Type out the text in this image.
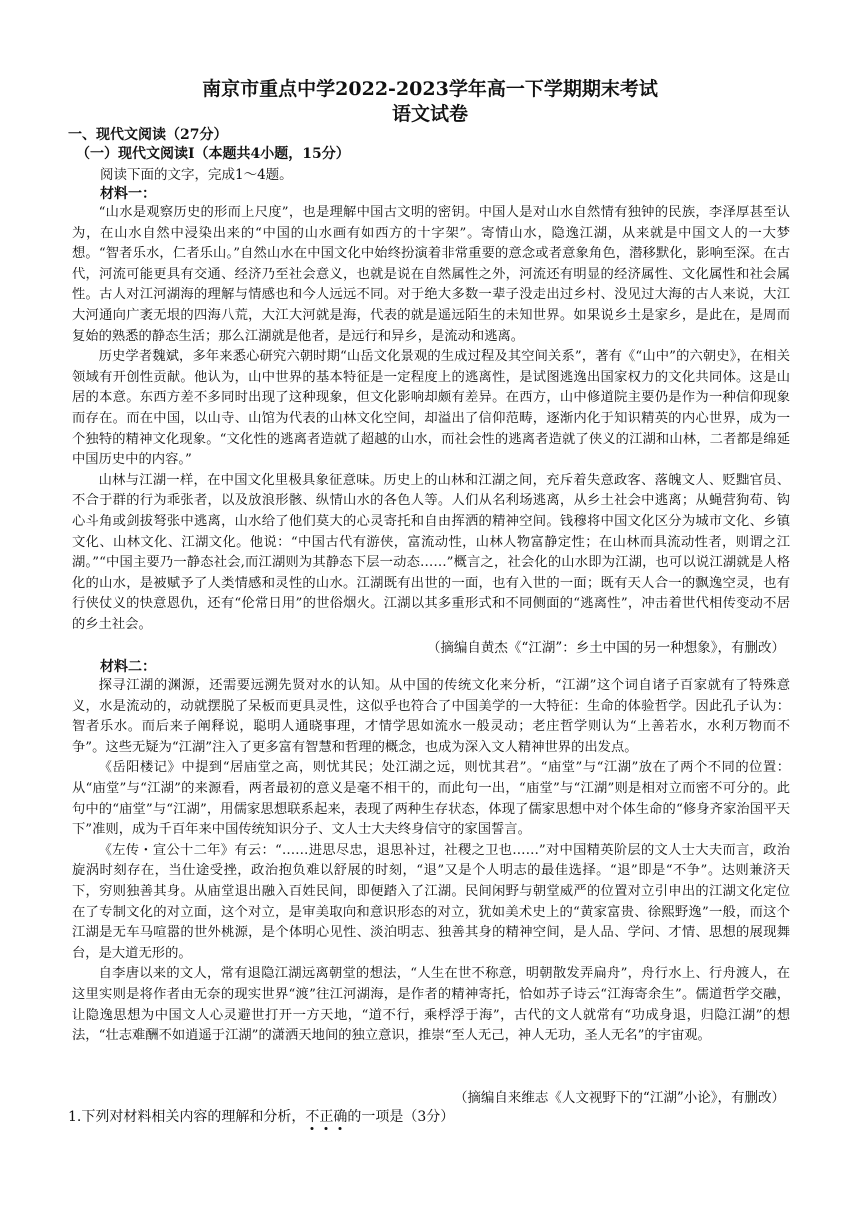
南京市重点中学2022-2023学年高一下学期期末考试
语文试卷
一、现代文阅读（27分）
（一）现代文阅读Ⅰ（本题共4小题，15分）
阅读下面的文字，完成1～4题。
材料一：

“山水是观察历史的形而上尺度”，也是理解中国古文明的密钥。中国人是对山水自然情有独钟的民族，李泽厚甚至认为，在山水自然中浸染出来的“中国的山水画有如西方的十字架”。寄情山水，隐逸江湖，从来就是中国文人的一大梦想。“智者乐水，仁者乐山。”自然山水在中国文化中始终扮演着非常重要的意念或者意象角色，潜移默化，影响至深。在古代，河流可能更具有交通、经济乃至社会意义，也就是说在自然属性之外，河流还有明显的经济属性、文化属性和社会属性。古人对江河湖海的理解与情感也和今人远远不同。对于绝大多数一辈子没走出过乡村、没见过大海的古人来说，大江大河通向广袤无垠的四海八荒，大江大河就是海，代表的就是遥远陌生的未知世界。如果说乡土是家乡，是此在，是周而复始的熟悉的静态生活；那么江湖就是他者，是远行和异乡，是流动和逃离。

历史学者魏斌，多年来悉心研究六朝时期“山岳文化景观的生成过程及其空间关系”，著有《“山中”的六朝史》，在相关领域有开创性贡献。他认为，山中世界的基本特征是一定程度上的逃离性，是试图逃逸出国家权力的文化共同体。这是山居的本意。东西方差不多同时出现了这种现象，但文化影响却颇有差异。在西方，山中修道院主要仍是作为一种信仰现象而存在。而在中国，以山寺、山馆为代表的山林文化空间，却溢出了信仰范畴，逐渐内化于知识精英的内心世界，成为一个独特的精神文化现象。“文化性的逃离者造就了超越的山水，而社会性的逃离者造就了侠义的江湖和山林，二者都是绵延中国历史中的内容。”

山林与江湖一样，在中国文化里极具象征意味。历史上的山林和江湖之间，充斥着失意政客、落魄文人、贬黜官员、不合于群的行为乖张者，以及放浪形骸、纵情山水的各色人等。人们从名利场逃离，从乡土社会中逃离；从蝇营狗苟、钩心斗角或剑拔弩张中逃离，山水给了他们莫大的心灵寄托和自由挥洒的精神空间。钱穆将中国文化区分为城市文化、乡镇文化、山林文化、江湖文化。他说：“中国古代有游侠，富流动性，山林人物富静定性；在山林而具流动性者，则谓之江湖。”“中国主要乃一静态社会,而江湖则为其静态下层一动态……”概言之，社会化的山水即为江湖，也可以说江湖就是人格化的山水，是被赋予了人类情感和灵性的山水。江湖既有出世的一面，也有入世的一面；既有天人合一的飘逸空灵，也有行侠仗义的快意恩仇，还有“伦常日用”的世俗烟火。江湖以其多重形式和不同侧面的“逃离性”，冲击着世代相传变动不居的乡土社会。

（摘编自黄杰《“江湖”：乡土中国的另一种想象》，有删改）
材料二：

探寻江湖的渊源，还需要远溯先贤对水的认知。从中国的传统文化来分析，“江湖”这个词自诸子百家就有了特殊意义，水是流动的，动就摆脱了呆板而更具灵性，这似乎也符合了中国美学的一大特征：生命的体验哲学。因此孔子认为：智者乐水。而后来子阐释说，聪明人通晓事理，才情学思如流水一般灵动；老庄哲学则认为“上善若水，水利万物而不争”。这些无疑为“江湖”注入了更多富有智慧和哲理的概念，也成为深入文人精神世界的出发点。

《岳阳楼记》中提到“居庙堂之高，则忧其民；处江湖之远，则忧其君”。“庙堂”与“江湖”放在了两个不同的位置：从“庙堂”与“江湖”的来源看，两者最初的意义是毫不相干的，而此句一出，“庙堂”与“江湖”则是相对立而密不可分的。此句中的“庙堂”与“江湖”，用儒家思想联系起来，表现了两种生存状态，体现了儒家思想中对个体生命的“修身齐家治国平天下”准则，成为千百年来中国传统知识分子、文人士大夫终身信守的家国誓言。

《左传・宣公十二年》有云：“……进思尽忠，退思补过，社稷之卫也……”对中国精英阶层的文人士大夫而言，政治旋涡时刻存在，当仕途受挫，政治抱负难以舒展的时刻，“退”又是个人明志的最佳选择。“退”即是“不争”。达则兼济天下，穷则独善其身。从庙堂退出融入百姓民间，即便踏入了江湖。民间闲野与朝堂威严的位置对立引申出的江湖文化定位在了专制文化的对立面，这个对立，是审美取向和意识形态的对立，犹如美术史上的“黄家富贵、徐熙野逸”一般，而这个江湖是无车马喧嚣的世外桃源，是个体明心见性、淡泊明志、独善其身的精神空间，是人品、学问、才情、思想的展现舞台，是大道无形的。

自李唐以来的文人，常有退隐江湖远离朝堂的想法，“人生在世不称意，明朝散发弄扁舟”，舟行水上、行舟渡人，在这里实则是将作者由无奈的现实世界“渡”往江河湖海，是作者的精神寄托，恰如苏子诗云“江海寄余生”。儒道哲学交融，让隐逸思想为中国文人心灵避世打开一方天地，“道不行，乘桴浮于海”，古代的文人就常有“功成身退，归隐江湖”的想法，“壮志难酬不如逍遥于江湖”的潇洒天地间的独立意识，推崇“至人无己，神人无功，圣人无名”的宇宙观。

（摘编自来维志《人文视野下的“江湖”小论》，有删改）
1.下列对材料相关内容的理解和分析，不正确的一项是（3分）
